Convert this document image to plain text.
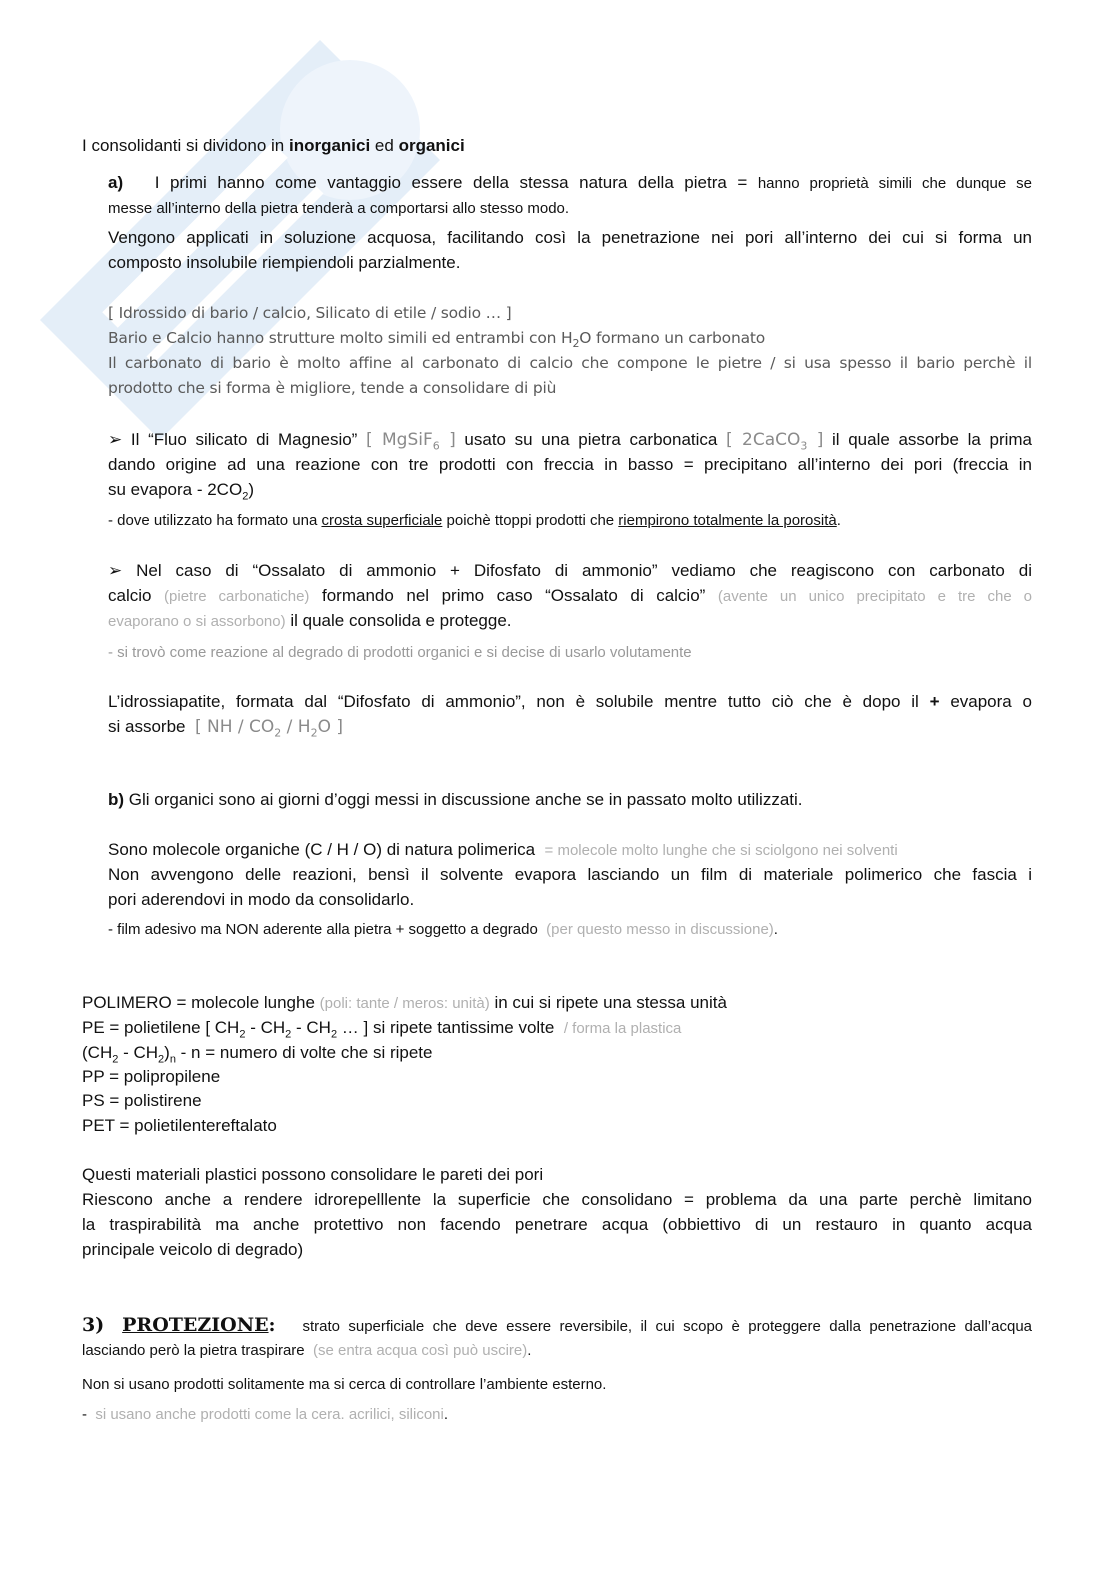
I consolidanti si dividono in inorganici ed organici
a) I primi hanno come vantaggio essere della stessa natura della pietra = hanno proprietà simili che dunque se
messe all’interno della pietra tenderà a comportarsi allo stesso modo.
Vengono applicati in soluzione acquosa, facilitando così la penetrazione nei pori all’interno dei cui si forma un
composto insolubile riempiendoli parzialmente.
[ Idrossido di bario / calcio, Silicato di etile / sodio … ]
Bario e Calcio hanno strutture molto simili ed entrambi con $H_2O$ formano un carbonato
Il carbonato di bario è molto affine al carbonato di calcio che compone le pietre / si usa spesso il bario perchè il
prodotto che si forma è migliore, tende a consolidare di più
➢ Il “Fluo silicato di Magnesio” [ MgSiF$_6$ ] usato su una pietra carbonatica [ 2CaCO$_3$ ] il quale assorbe la prima
dando origine ad una reazione con tre prodotti con freccia in basso = precipitano all’interno dei pori (freccia in
su evapora - $2CO_2$)
- dove utilizzato ha formato una crosta superficiale poichè ttoppi prodotti che riempirono totalmente la porosità.
➢ Nel caso di “Ossalato di ammonio + Difosfato di ammonio” vediamo che reagiscono con carbonato di
calcio (pietre carbonatiche) formando nel primo caso “Ossalato di calcio” (avente un unico precipitato e tre che o
evaporano o si assorbono) il quale consolida e protegge.
- si trovò come reazione al degrado di prodotti organici e si decise di usarlo volutamente
L’idrossiapatite, formata dal “Difosfato di ammonio”, non è solubile mentre tutto ciò che è dopo il + evapora o
si assorbe [ NH / $CO_2 / H_2O$ ]
b) Gli organici sono ai giorni d’oggi messi in discussione anche se in passato molto utilizzati.
Sono molecole organiche (C / H / O) di natura polimerica = molecole molto lunghe che si sciolgono nei solventi
Non avvengono delle reazioni, bensì il solvente evapora lasciando un film di materiale polimerico che fascia i
pori aderendovi in modo da consolidarlo.
- film adesivo ma NON aderente alla pietra + soggetto a degrado (per questo messo in discussione).
POLIMERO = molecole lunghe (poli: tante / meros: unità) in cui si ripete una stessa unità
PE = polietilene [ $CH_2 - CH_2 - CH_2$ … ] si ripete tantissime volte / forma la plastica
$(CH_2 - CH_2)_n$ - n = numero di volte che si ripete
PP = polipropilene
PS = polistirene
PET = polietilentereftalato
Questi materiali plastici possono consolidare le pareti dei pori
Riescono anche a rendere idrorepelllente la superficie che consolidano = problema da una parte perchè limitano
la traspirabilità ma anche protettivo non facendo penetrare acqua (obbiettivo di un restauro in quanto acqua
principale veicolo di degrado)
3) PROTEZIONE: strato superficiale che deve essere reversibile, il cui scopo è proteggere dalla penetrazione dall’acqua
lasciando però la pietra traspirare (se entra acqua così può uscire).
Non si usano prodotti solitamente ma si cerca di controllare l’ambiente esterno.
- si usano anche prodotti come la cera. acrilici, siliconi.
